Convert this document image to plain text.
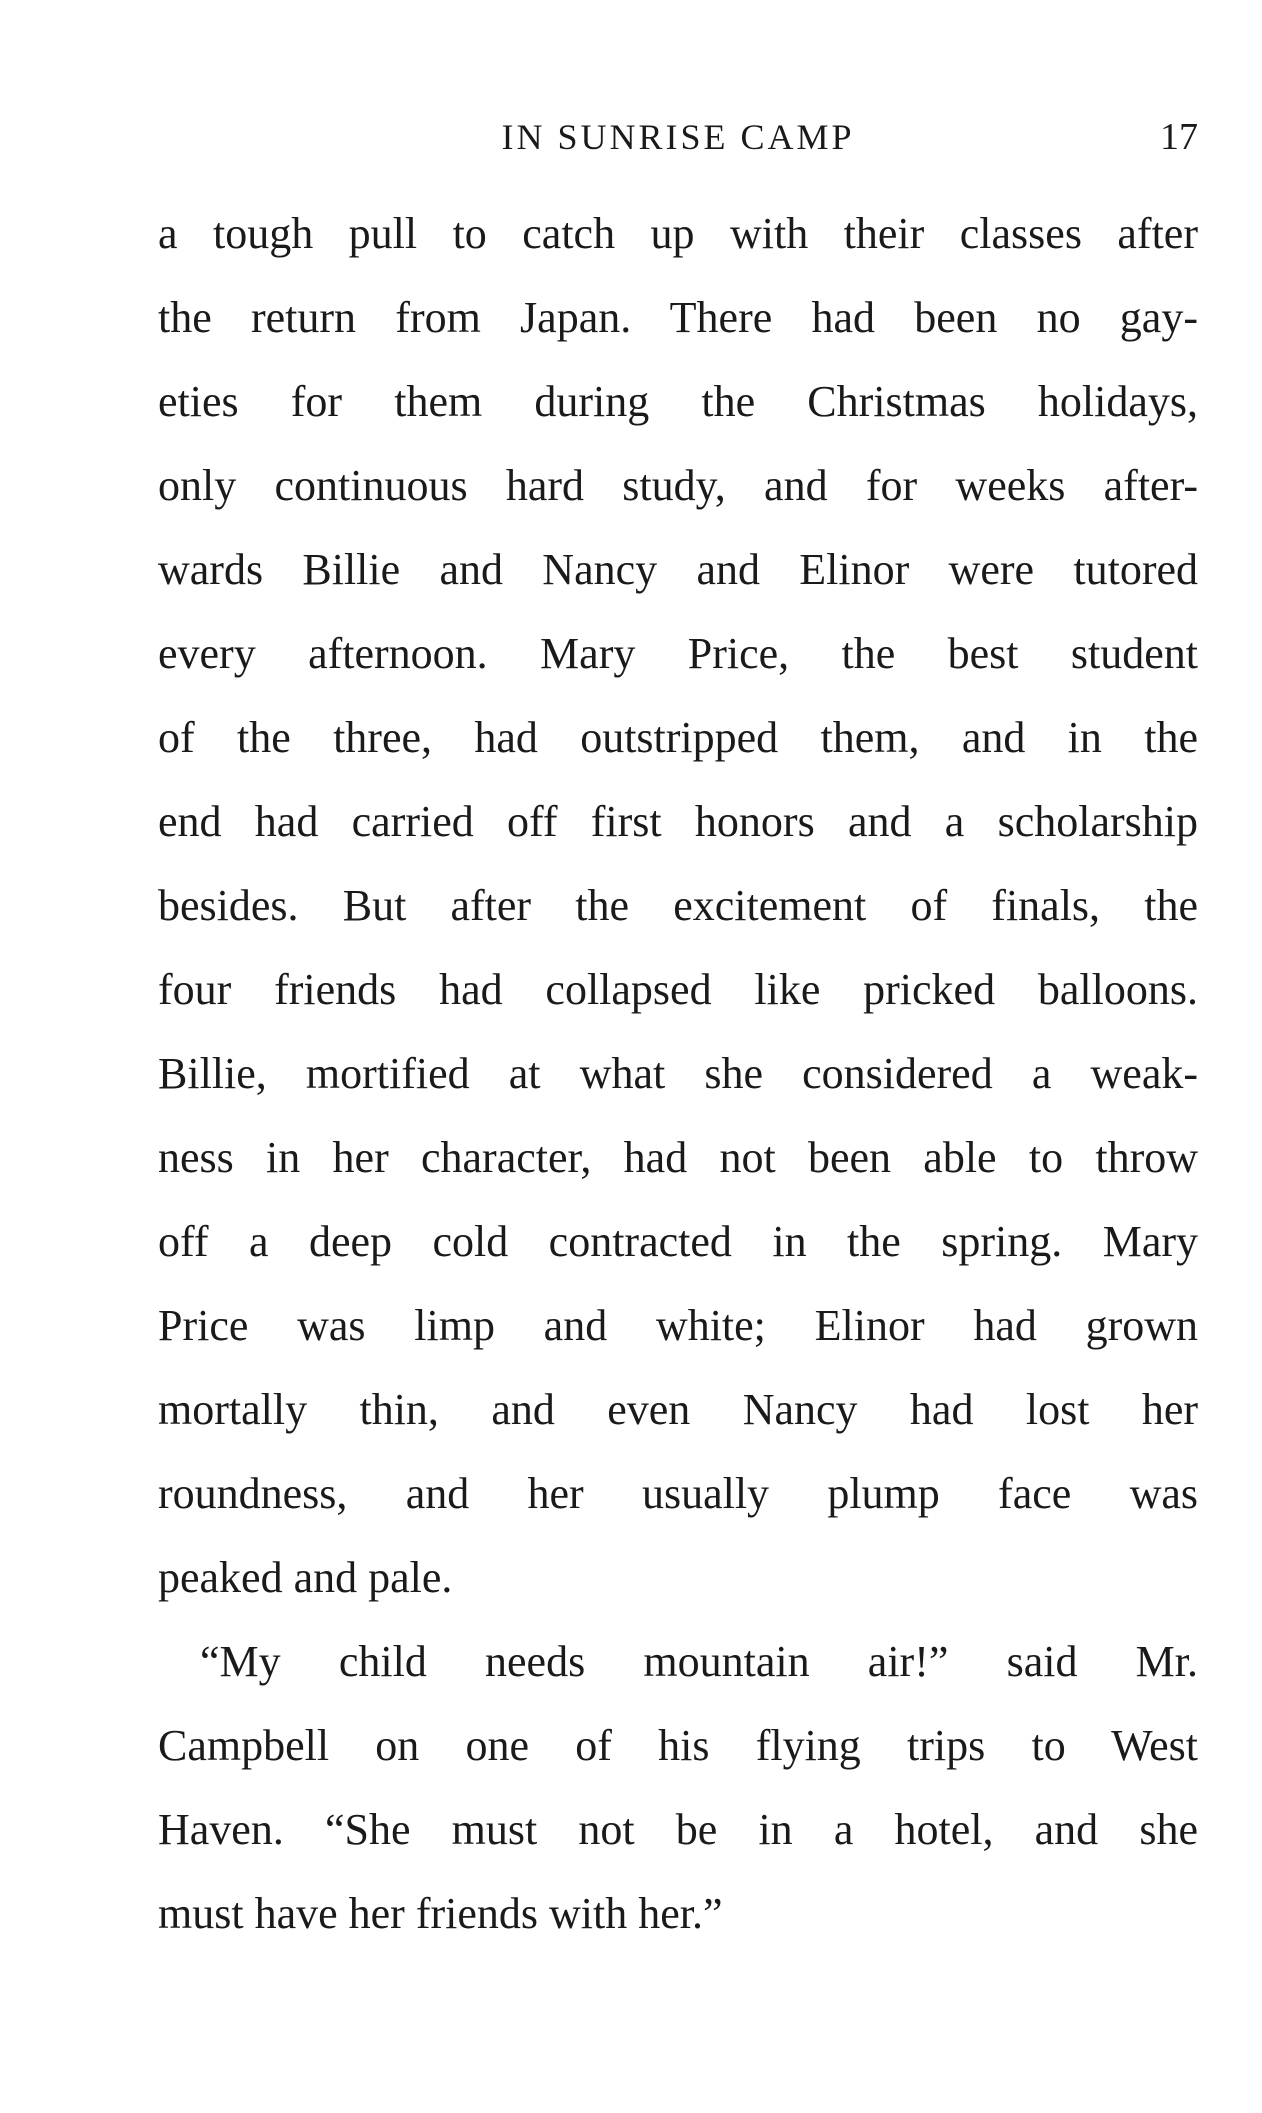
IN SUNRISE CAMP	17
a tough pull to catch up with their classes after
the return from Japan. There had been no gay-
eties for them during the Christmas holidays,
only continuous hard study, and for weeks after-
wards Billie and Nancy and Elinor were tutored
every afternoon. Mary Price, the best student
of the three, had outstripped them, and in the
end had carried off first honors and a scholarship
besides. But after the excitement of finals, the
four friends had collapsed like pricked balloons.
Billie, mortified at what she considered a weak-
ness in her character, had not been able to throw
off a deep cold contracted in the spring. Mary
Price was limp and white; Elinor had grown
mortally thin, and even Nancy had lost her
roundness, and her usually plump face was
peaked and pale.
“My child needs mountain air!” said Mr.
Campbell on one of his flying trips to West
Haven. “She must not be in a hotel, and she
must have her friends with her.”
